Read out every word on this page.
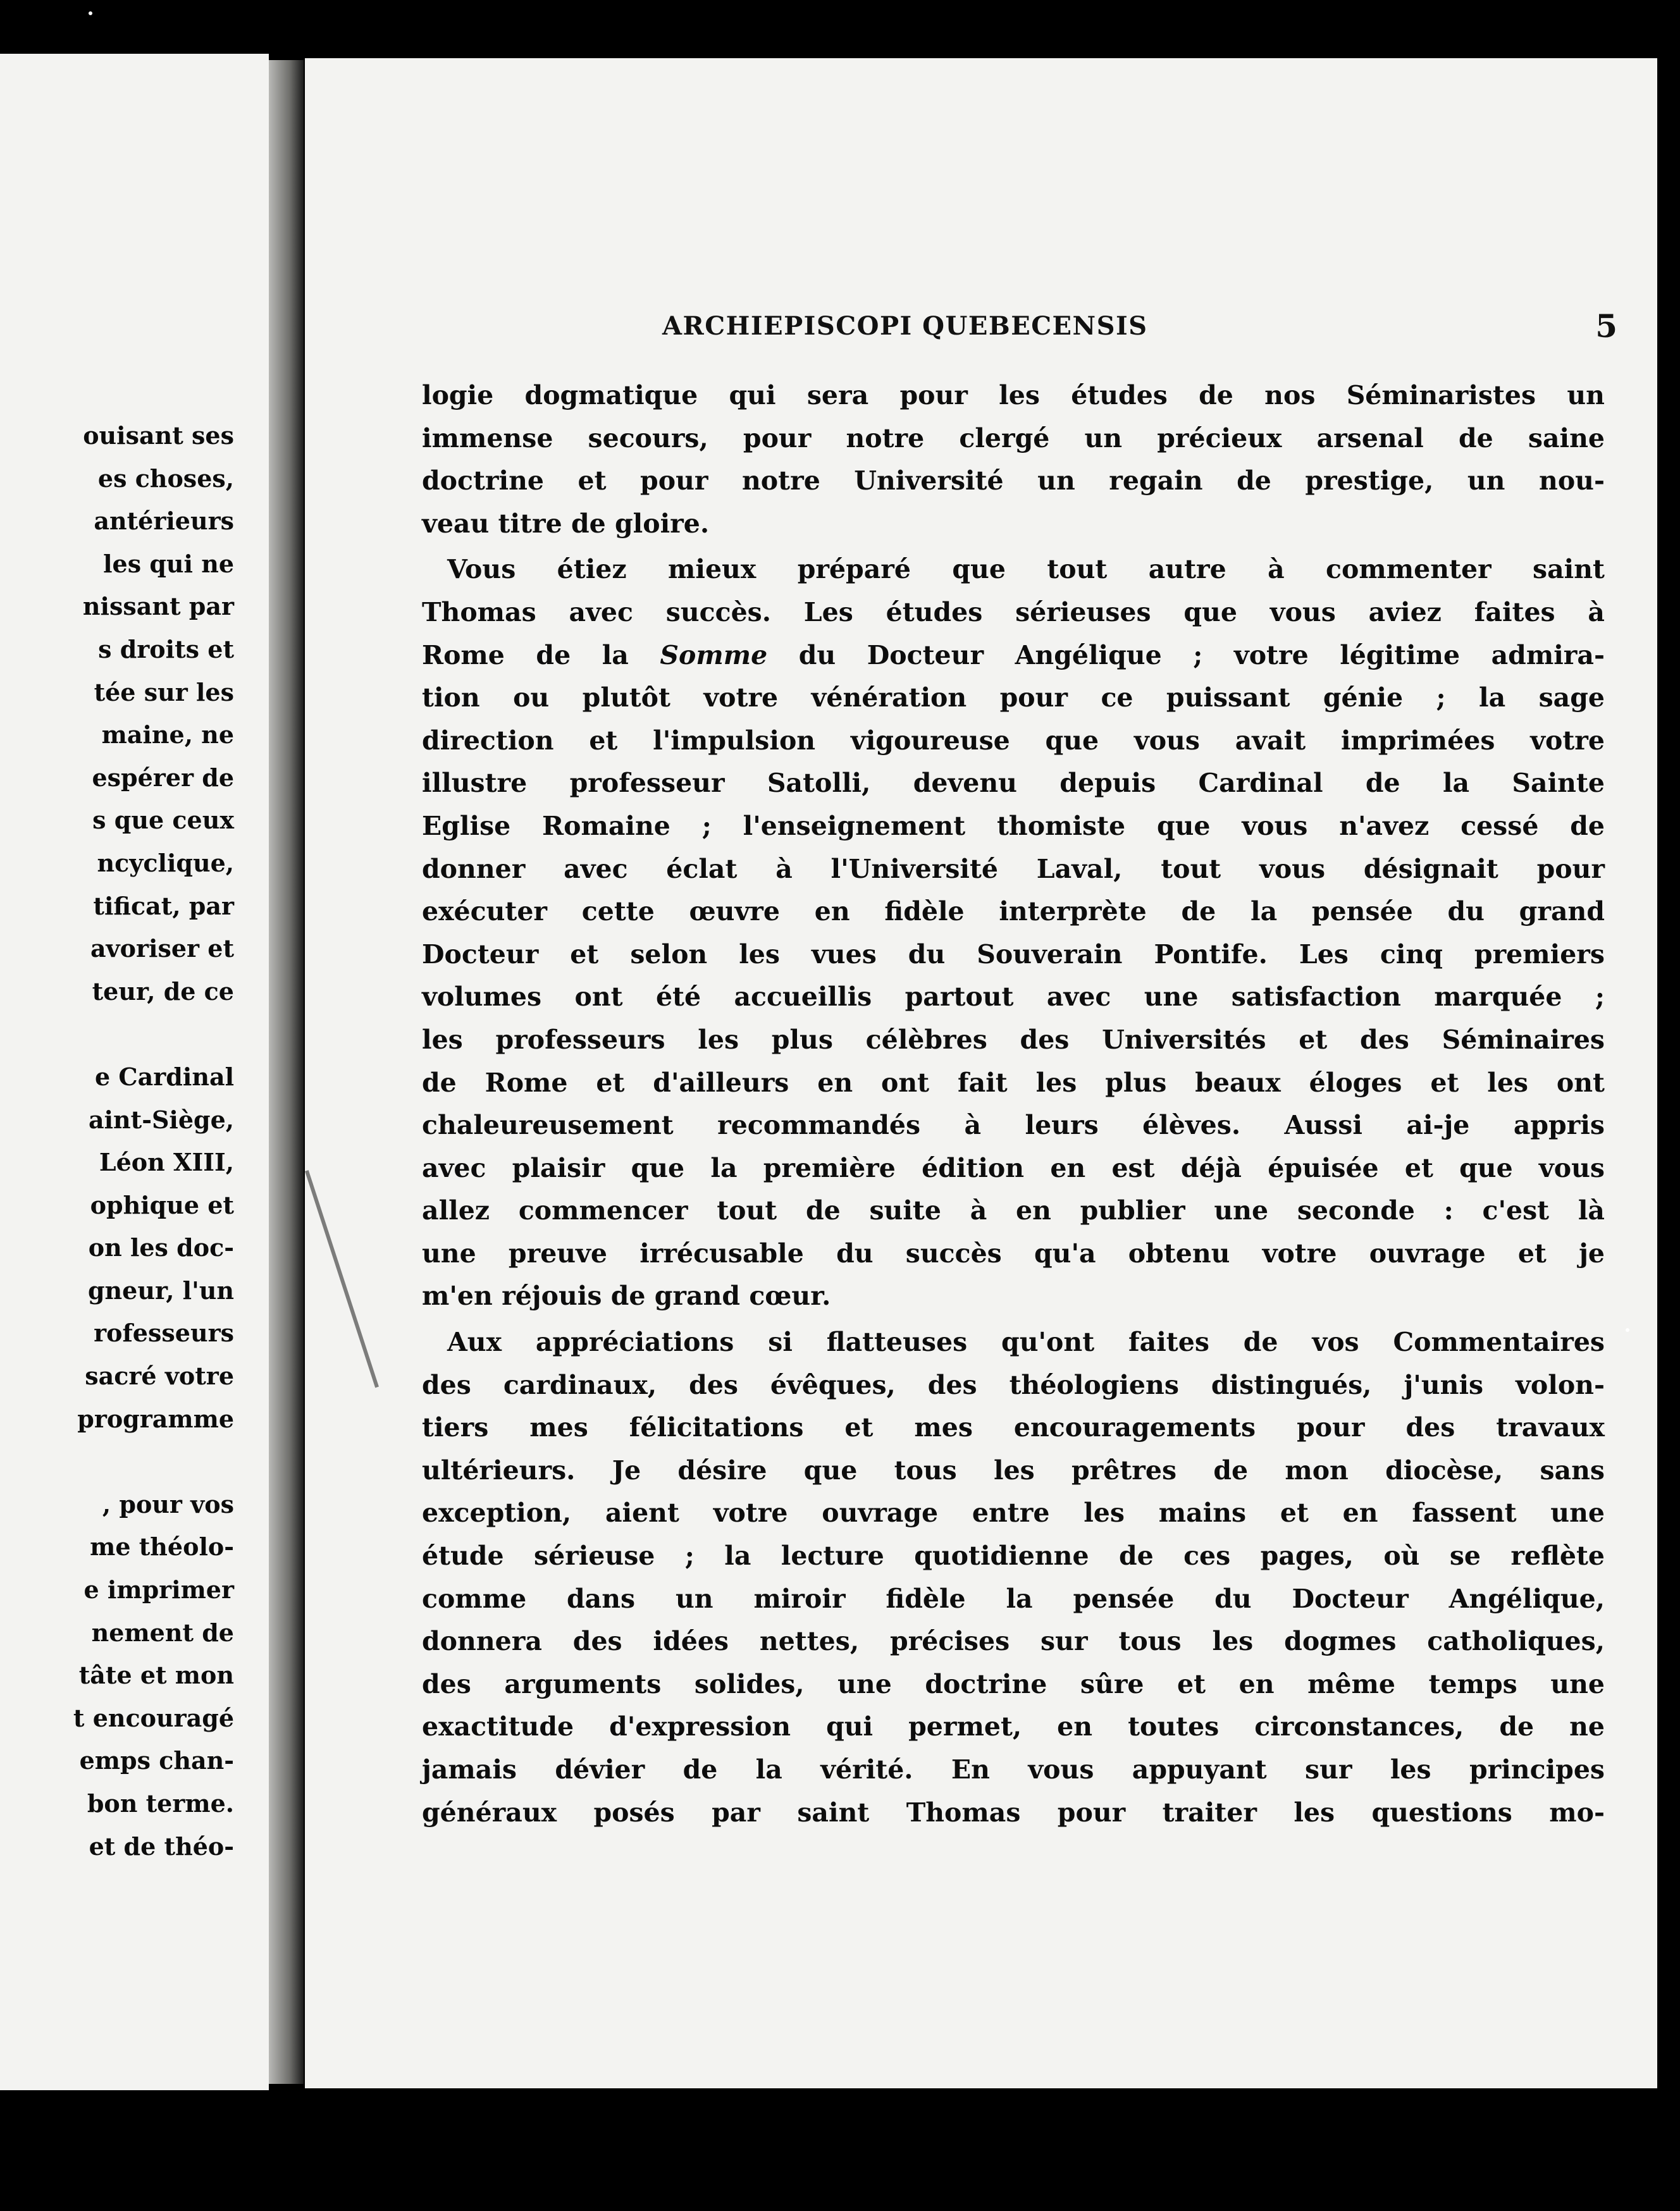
ouisant ses
es choses,
antérieurs
les qui ne
nissant par
s droits et
tée sur les
maine, ne
espérer de
s que ceux
ncyclique,
tificat, par
avoriser et
teur, de ce
e Cardinal
aint-Siège,
Léon XIII,
ophique et
on les doc-
gneur, l'un
rofesseurs
sacré votre
programme
, pour vos
me théolo-
e imprimer
nement de
tâte et mon
t encouragé
emps chan-
bon terme.
et de théo-
ARCHIEPISCOPI QUEBECENSIS	5
logie dogmatique qui sera pour les études de nos Séminaristes un
immense secours, pour notre clergé un précieux arsenal de saine
doctrine et pour notre Université un regain de prestige, un nou-
veau titre de gloire.
Vous étiez mieux préparé que tout autre à commenter saint
Thomas avec succès. Les études sérieuses que vous aviez faites à
Rome de la Somme du Docteur Angélique ; votre légitime admira-
tion ou plutôt votre vénération pour ce puissant génie ; la sage
direction et l'impulsion vigoureuse que vous avait imprimées votre
illustre professeur Satolli, devenu depuis Cardinal de la Sainte
Eglise Romaine ; l'enseignement thomiste que vous n'avez cessé de
donner avec éclat à l'Université Laval, tout vous désignait pour
exécuter cette œuvre en fidèle interprète de la pensée du grand
Docteur et selon les vues du Souverain Pontife. Les cinq premiers
volumes ont été accueillis partout avec une satisfaction marquée ;
les professeurs les plus célèbres des Universités et des Séminaires
de Rome et d'ailleurs en ont fait les plus beaux éloges et les ont
chaleureusement recommandés à leurs élèves. Aussi ai-je appris
avec plaisir que la première édition en est déjà épuisée et que vous
allez commencer tout de suite à en publier une seconde : c'est là
une preuve irrécusable du succès qu'a obtenu votre ouvrage et je
m'en réjouis de grand cœur.
Aux appréciations si flatteuses qu'ont faites de vos Commentaires
des cardinaux, des évêques, des théologiens distingués, j'unis volon-
tiers mes félicitations et mes encouragements pour des travaux
ultérieurs. Je désire que tous les prêtres de mon diocèse, sans
exception, aient votre ouvrage entre les mains et en fassent une
étude sérieuse ; la lecture quotidienne de ces pages, où se reflète
comme dans un miroir fidèle la pensée du Docteur Angélique,
donnera des idées nettes, précises sur tous les dogmes catholiques,
des arguments solides, une doctrine sûre et en même temps une
exactitude d'expression qui permet, en toutes circonstances, de ne
jamais dévier de la vérité. En vous appuyant sur les principes
généraux posés par saint Thomas pour traiter les questions mo-
